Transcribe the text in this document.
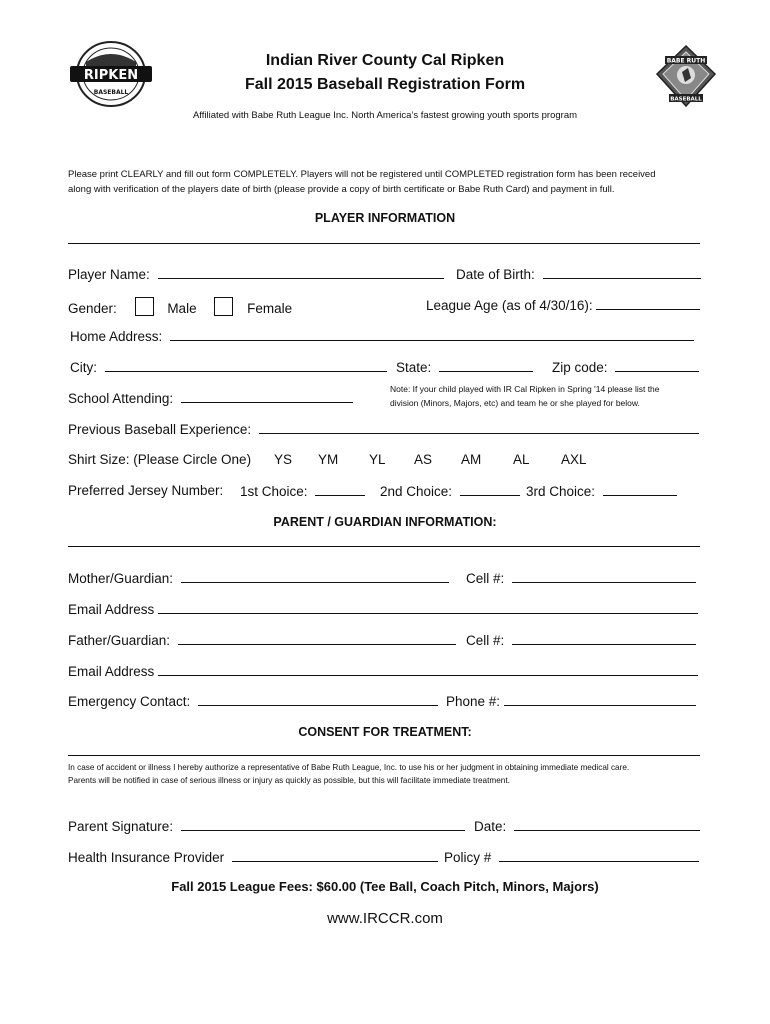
RIPKEN
BASEBALL
BABE RUTH
BASEBALL
Indian River County Cal Ripken
Fall 2015 Baseball Registration Form
Affiliated with Babe Ruth League Inc. North America’s fastest growing youth sports program
Please print CLEARLY and fill out form COMPLETELY. Players will not be registered until COMPLETED registration form has been received
along with verification of the players date of birth (please provide a copy of birth certificate or Babe Ruth Card) and payment in full.
PLAYER INFORMATION
Player Name:	Date of Birth:
Gender:	Male	Female	League Age (as of 4/30/16):
Home Address:
City:	State:	Zip code:
School Attending:
Note: If your child played with IR Cal Ripken in Spring '14 please list the
division (Minors, Majors, etc) and team he or she played for below.
Previous Baseball Experience:
Shirt Size: (Please Circle One) YS YM YL AS AM AL AXL
Preferred Jersey Number: 1st Choice:	2nd Choice:	3rd Choice:
PARENT / GUARDIAN INFORMATION:
Mother/Guardian:	Cell #:
Email Address
Father/Guardian:	Cell #:
Email Address
Emergency Contact:	Phone #:
CONSENT FOR TREATMENT:
In case of accident or illness I hereby authorize a representative of Babe Ruth League, Inc. to use his or her judgment in obtaining immediate medical care.
Parents will be notified in case of serious illness or injury as quickly as possible, but this will facilitate immediate treatment.
Parent Signature:	Date:
Health Insurance Provider	Policy #
Fall 2015 League Fees: $60.00 (Tee Ball, Coach Pitch, Minors, Majors)
www.IRCCR.com
